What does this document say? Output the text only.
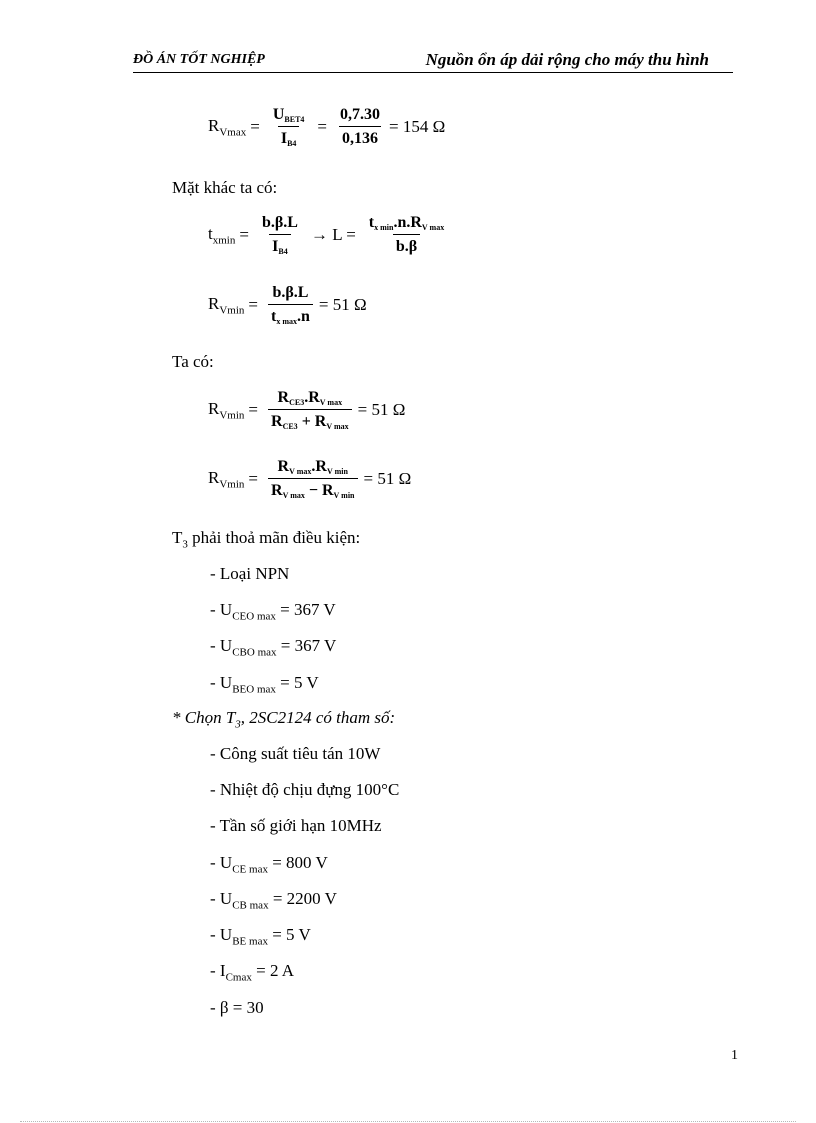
ĐỒ ÁN TỐT NGHIỆP	Nguồn ổn áp dải rộng cho máy thu hình
$R_{Vmax} = \frac{U_{BET4}}{I_{B4}} = \frac{0,7.30}{0,136} = 154$ Ω
Mặt khác ta có:
$t_{xmin} = \frac{b.\beta.L}{I_{B4}} \to L = \frac{t_{x min}.n.R_{V max}}{b.\beta}$
$R_{Vmin} = \frac{b.\beta.L}{t_{x max}.n} = 51$ Ω
Ta có:
$R_{Vmin} = \frac{R_{CE3}.R_{V max}}{R_{CE3} + R_{V max}} = 51$ Ω
$R_{Vmin} = \frac{R_{V max}.R_{V min}}{R_{V max} - R_{V min}} = 51$ Ω
$T_3$ phải thoả mãn điều kiện:
- Loại NPN
- $U_{CEO max} = 367$ V
- $U_{CBO max} = 367$ V
- $U_{BEO max} = 5$ V
* Chọn $T_3$, 2SC2124 có tham số:
- Công suất tiêu tán 10W
- Nhiệt độ chịu đựng 100°C
- Tần số giới hạn 10MHz
- $U_{CE max} = 800$ V
- $U_{CB max} = 2200$ V
- $U_{BE max} = 5$ V
- $I_{Cmax} = 2$ A
- β = 30
1
